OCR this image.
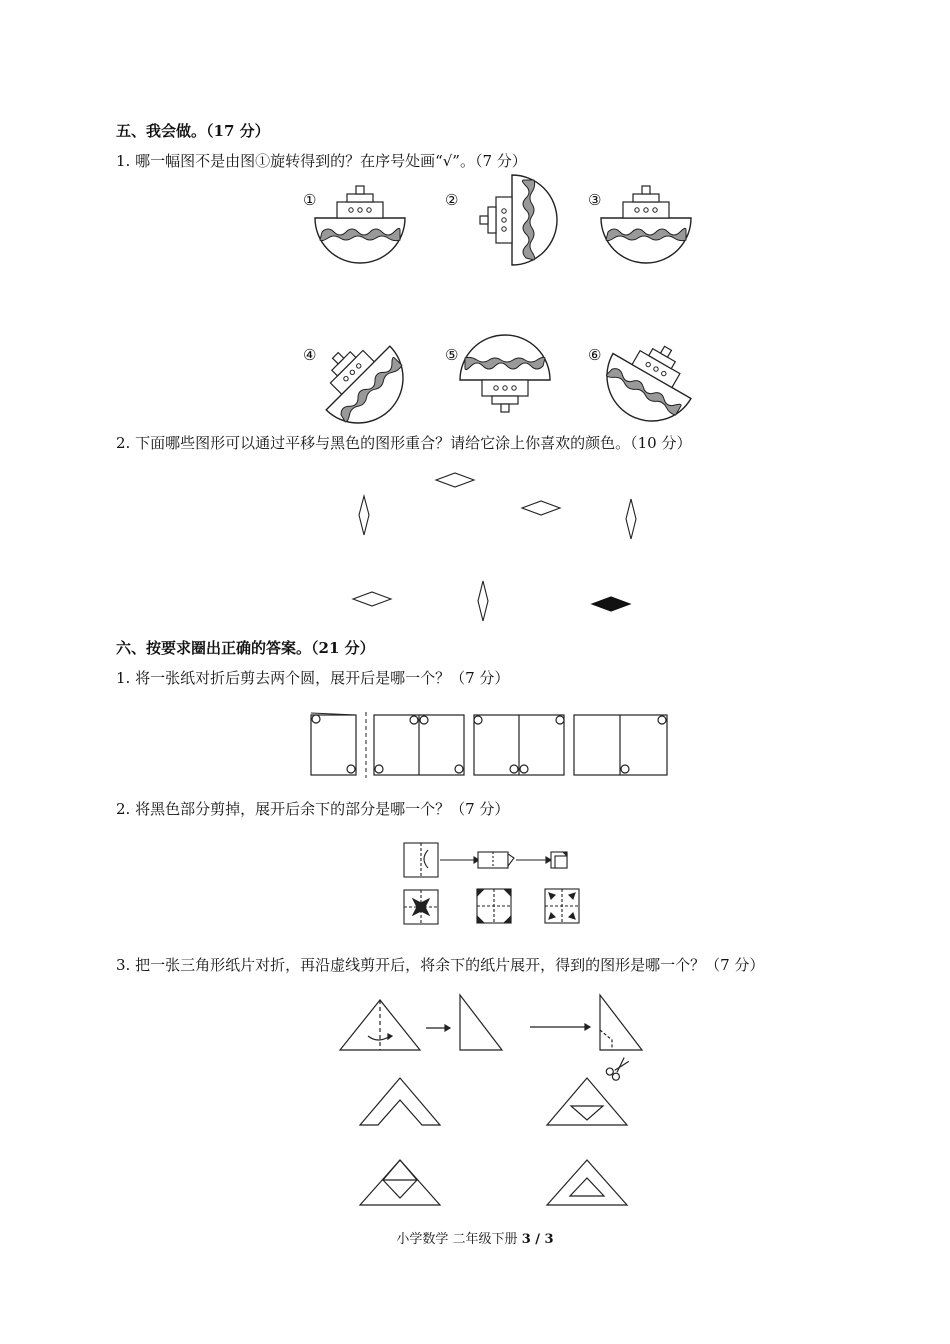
五、我会做。（17 分）
1. 哪一幅图不是由图①旋转得到的？在序号处画“√”。（7 分）
①	②	③
④	⑤	⑥
2. 下面哪些图形可以通过平移与黑色的图形重合？请给它涂上你喜欢的颜色。（10 分）
六、按要求圈出正确的答案。（21 分）
1. 将一张纸对折后剪去两个圆，展开后是哪一个？（7 分）
2. 将黑色部分剪掉，展开后余下的部分是哪一个？（7 分）
3. 把一张三角形纸片对折，再沿虚线剪开后，将余下的纸片展开，得到的图形是哪一个？（7 分）
小学数学 二年级下册 3 / 3
